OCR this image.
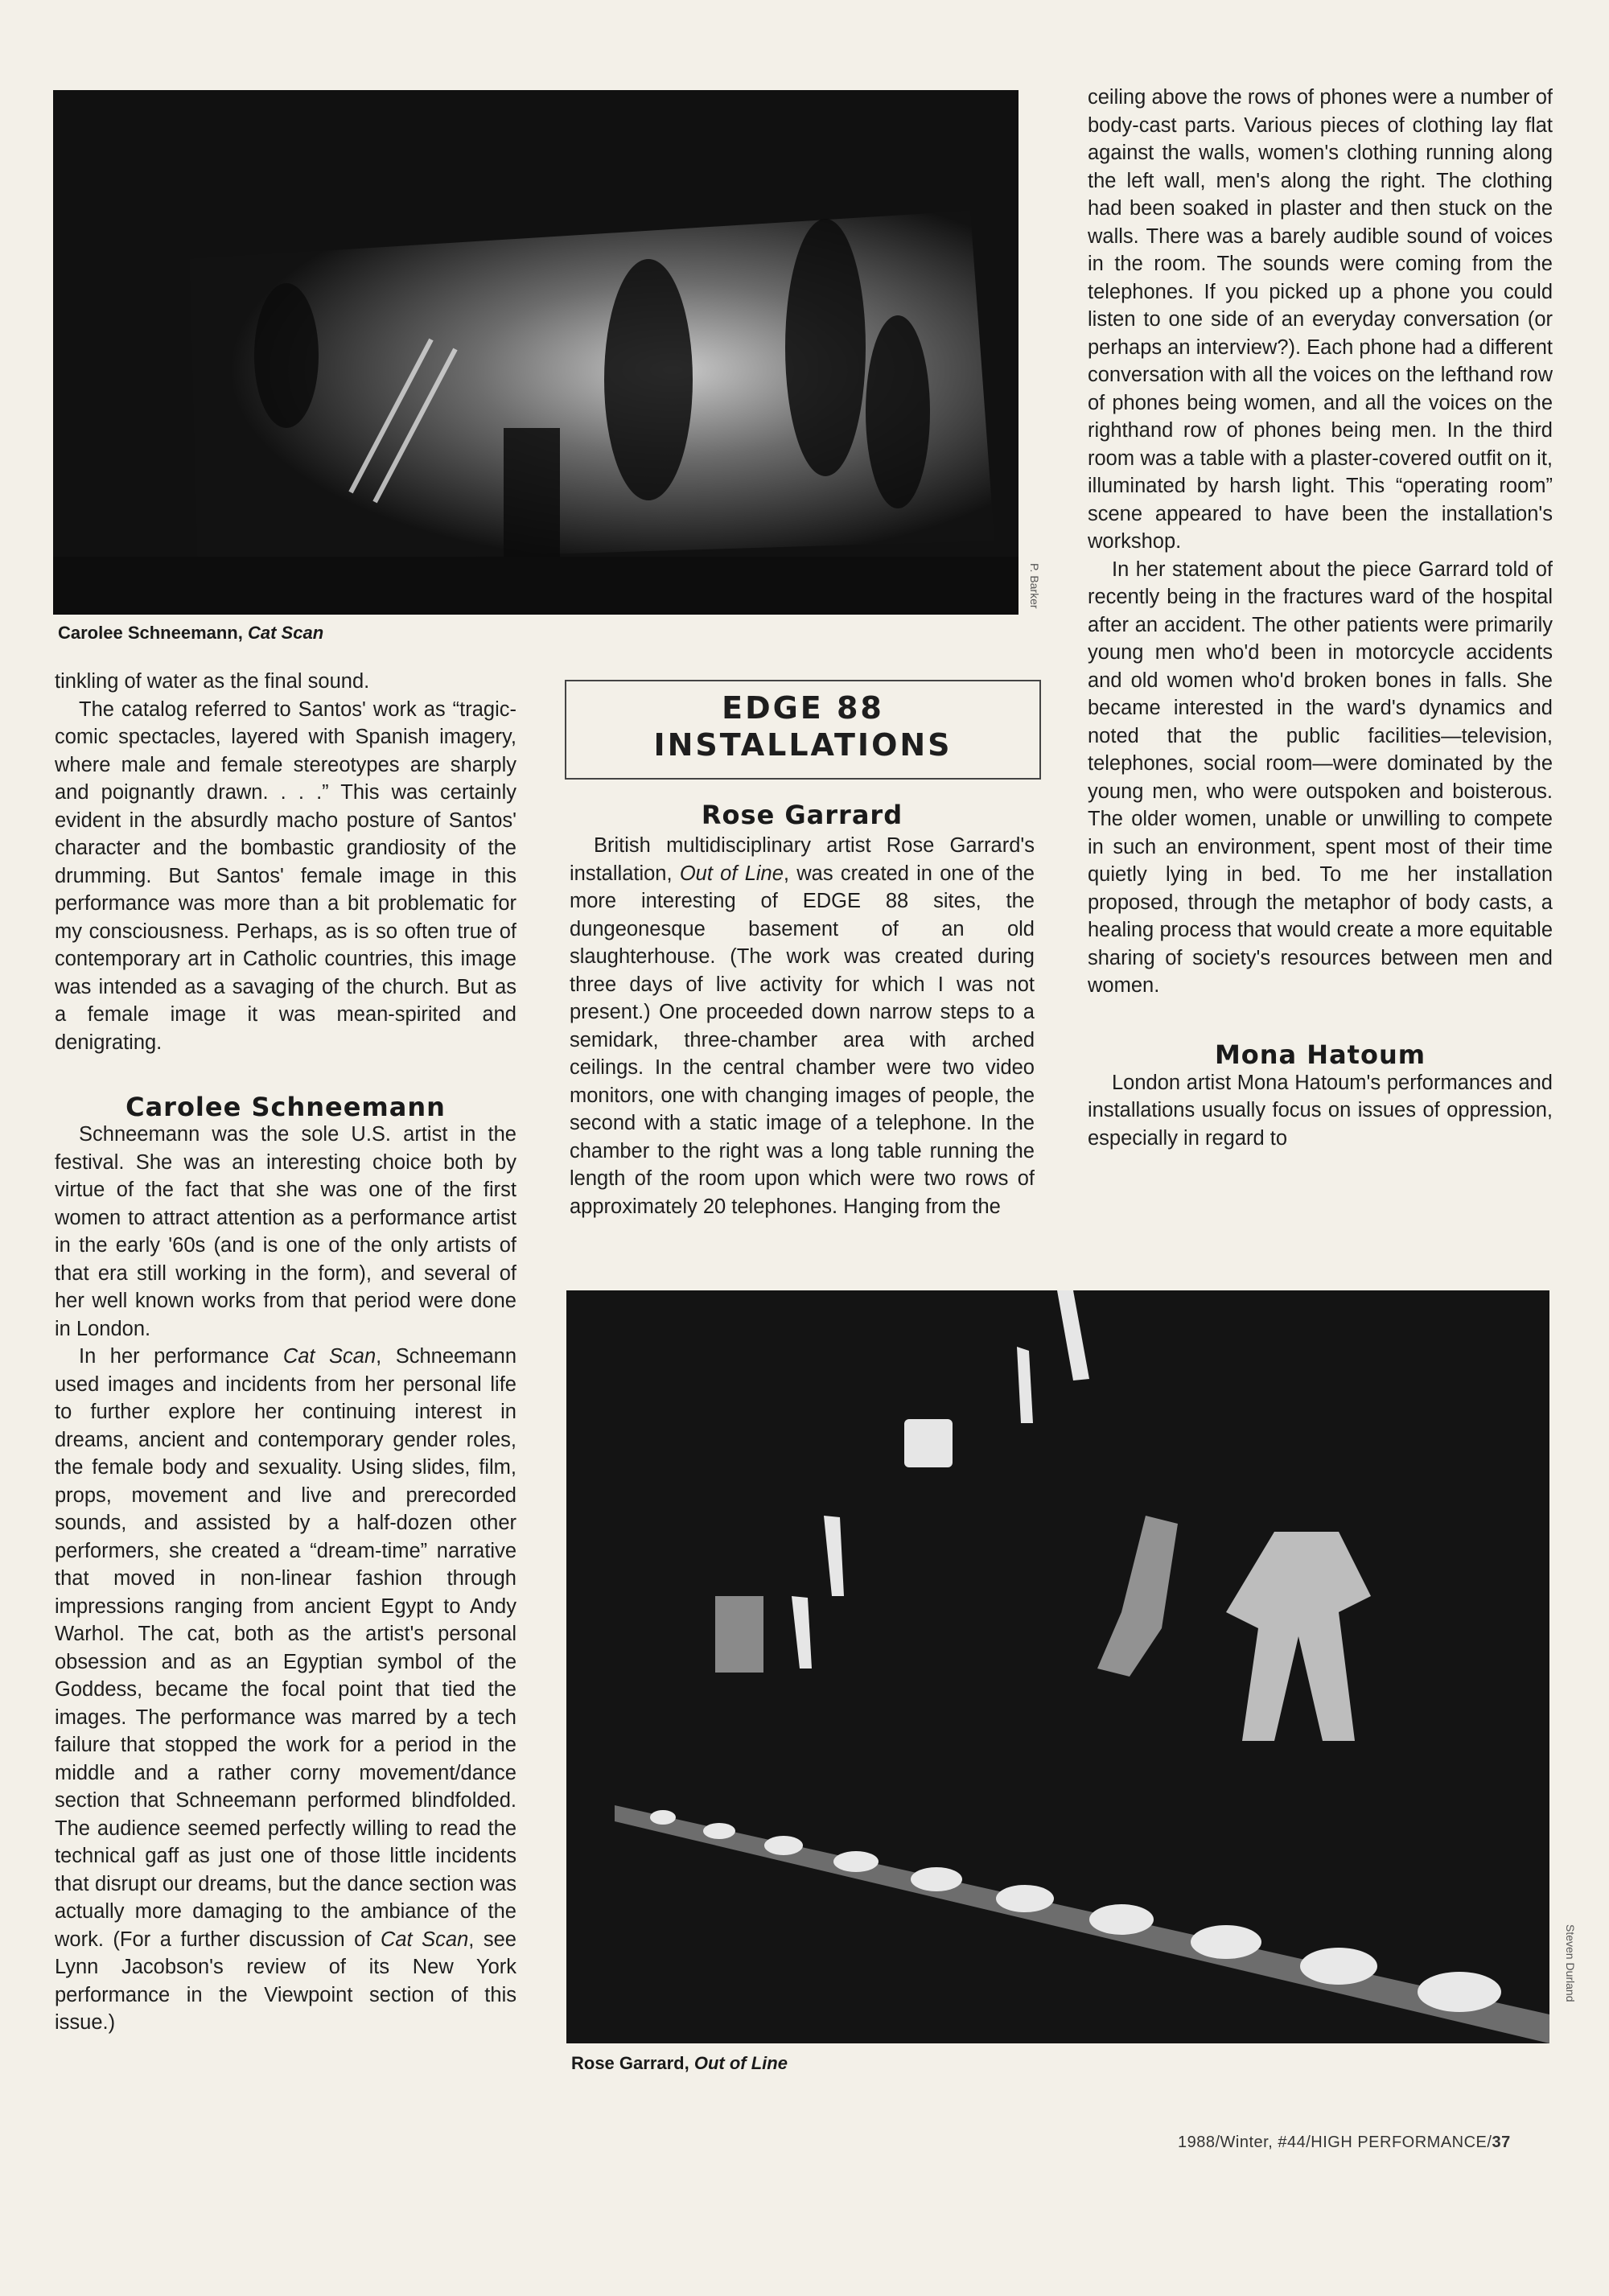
P. Barker
Carolee Schneemann, Cat Scan

tinkling of water as the final sound.

The catalog referred to Santos' work as “tragic-comic spectacles, layered with Spanish imagery, where male and female stereotypes are sharply and poignantly drawn. . . .” This was certainly evident in the absurdly macho posture of Santos' character and the bombastic grandiosity of the drumming. But Santos' female image in this performance was more than a bit problematic for my consciousness. Perhaps, as is so often true of contemporary art in Catholic countries, this image was intended as a savaging of the church. But as a female image it was mean-spirited and denigrating.

Carolee Schneemann

Schneemann was the sole U.S. artist in the festival. She was an interesting choice both by virtue of the fact that she was one of the first women to attract attention as a performance artist in the early '60s (and is one of the only artists of that era still working in the form), and several of her well known works from that period were done in London.

In her performance Cat Scan, Schneemann used images and incidents from her personal life to further explore her continuing interest in dreams, ancient and contemporary gender roles, the female body and sexuality. Using slides, film, props, movement and live and prerecorded sounds, and assisted by a half-dozen other performers, she created a “dream-time” narrative that moved in non-linear fashion through impressions ranging from ancient Egypt to Andy Warhol. The cat, both as the artist's personal obsession and as an Egyptian symbol of the Goddess, became the focal point that tied the images. The performance was marred by a tech failure that stopped the work for a period in the middle and a rather corny movement/dance section that Schneemann performed blindfolded. The audience seemed perfectly willing to read the technical gaff as just one of those little incidents that disrupt our dreams, but the dance section was actually more damaging to the ambiance of the work. (For a further discussion of Cat Scan, see Lynn Jacobson's review of its New York performance in the Viewpoint section of this issue.)

EDGE 88
INSTALLATIONS
Rose Garrard

British multidisciplinary artist Rose Garrard's installation, Out of Line, was created in one of the more interesting of EDGE 88 sites, the dungeonesque basement of an old slaughterhouse. (The work was created during three days of live activity for which I was not present.) One proceeded down narrow steps to a semidark, three-chamber area with arched ceilings. In the central chamber were two video monitors, one with changing images of people, the second with a static image of a telephone. In the chamber to the right was a long table running the length of the room upon which were two rows of approximately 20 telephones. Hanging from the

ceiling above the rows of phones were a number of body-cast parts. Various pieces of clothing lay flat against the walls, women's clothing running along the left wall, men's along the right. The clothing had been soaked in plaster and then stuck on the walls. There was a barely audible sound of voices in the room. The sounds were coming from the telephones. If you picked up a phone you could listen to one side of an everyday conversation (or perhaps an interview?). Each phone had a different conversation with all the voices on the lefthand row of phones being women, and all the voices on the righthand row of phones being men. In the third room was a table with a plaster-covered outfit on it, illuminated by harsh light. This “operating room” scene appeared to have been the installation's workshop.

In her statement about the piece Garrard told of recently being in the fractures ward of the hospital after an accident. The other patients were primarily young men who'd been in motorcycle accidents and old women who'd broken bones in falls. She became interested in the ward's dynamics and noted that the public facilities—television, telephones, social room—were dominated by the young men, who were outspoken and boisterous. The older women, unable or unwilling to compete in such an environment, spent most of their time quietly lying in bed. To me her installation proposed, through the metaphor of body casts, a healing process that would create a more equitable sharing of society's resources between men and women.

Mona Hatoum

London artist Mona Hatoum's performances and installations usually focus on issues of oppression, especially in regard to

Steven Durland
Rose Garrard, Out of Line
1988/Winter, #44/HIGH PERFORMANCE/37
